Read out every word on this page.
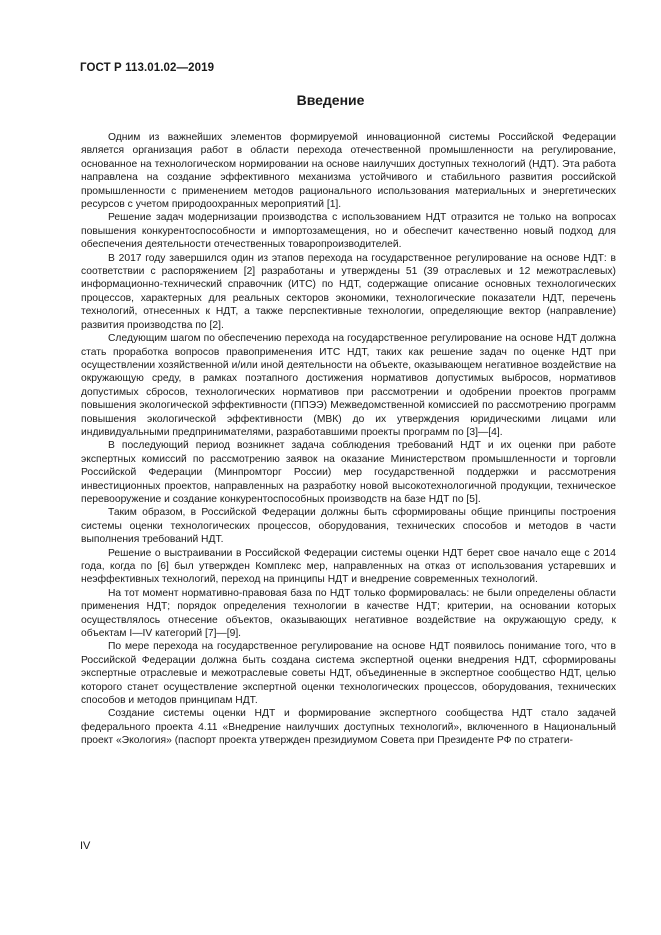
ГОСТ Р 113.01.02—2019
Введение

Одним из важнейших элементов формируемой инновационной системы Российской Федерации является организация работ в области перехода отечественной промышленности на регулирование, основанное на технологическом нормировании на основе наилучших доступных технологий (НДТ). Эта работа направлена на создание эффективного механизма устойчивого и стабильного развития российской промышленности с применением методов рационального использования материальных и энергетических ресурсов с учетом природоохранных мероприятий [1].

Решение задач модернизации производства с использованием НДТ отразится не только на вопросах повышения конкурентоспособности и импортозамещения, но и обеспечит качественно новый подход для обеспечения деятельности отечественных товаропроизводителей.

В 2017 году завершился один из этапов перехода на государственное регулирование на основе НДТ: в соответствии с распоряжением [2] разработаны и утверждены 51 (39 отраслевых и 12 межотраслевых) информационно-технический справочник (ИТС) по НДТ, содержащие описание основных технологических процессов, характерных для реальных секторов экономики, технологические показатели НДТ, перечень технологий, отнесенных к НДТ, а также перспективные технологии, определяющие вектор (направление) развития производства по [2].

Следующим шагом по обеспечению перехода на государственное регулирование на основе НДТ должна стать проработка вопросов правоприменения ИТС НДТ, таких как решение задач по оценке НДТ при осуществлении хозяйственной и/или иной деятельности на объекте, оказывающем негативное воздействие на окружающую среду, в рамках поэтапного достижения нормативов допустимых выбросов, нормативов допустимых сбросов, технологических нормативов при рассмотрении и одобрении проектов программ повышения экологической эффективности (ППЭЭ) Межведомственной комиссией по рассмотрению программ повышения экологической эффективности (МВК) до их утверждения юридическими лицами или индивидуальными предпринимателями, разработавшими проекты программ по [3]—[4].

В последующий период возникнет задача соблюдения требований НДТ и их оценки при работе экспертных комиссий по рассмотрению заявок на оказание Министерством промышленности и торговли Российской Федерации (Минпромторг России) мер государственной поддержки и рассмотрения инвестиционных проектов, направленных на разработку новой высокотехнологичной продукции, техническое перевооружение и создание конкурентоспособных производств на базе НДТ по [5].

Таким образом, в Российской Федерации должны быть сформированы общие принципы построения системы оценки технологических процессов, оборудования, технических способов и методов в части выполнения требований НДТ.

Решение о выстраивании в Российской Федерации системы оценки НДТ берет свое начало еще с 2014 года, когда по [6] был утвержден Комплекс мер, направленных на отказ от использования устаревших и неэффективных технологий, переход на принципы НДТ и внедрение современных технологий.

На тот момент нормативно-правовая база по НДТ только формировалась: не были определены области применения НДТ; порядок определения технологии в качестве НДТ; критерии, на основании которых осуществлялось отнесение объектов, оказывающих негативное воздействие на окружающую среду, к объектам I—IV категорий [7]—[9].

По мере перехода на государственное регулирование на основе НДТ появилось понимание того, что в Российской Федерации должна быть создана система экспертной оценки внедрения НДТ, сформированы экспертные отраслевые и межотраслевые советы НДТ, объединенные в экспертное сообщество НДТ, целью которого станет осуществление экспертной оценки технологических процессов, оборудования, технических способов и методов принципам НДТ.

Создание системы оценки НДТ и формирование экспертного сообщества НДТ стало задачей федерального проекта 4.11 «Внедрение наилучших доступных технологий», включенного в Национальный проект «Экология» (паспорт проекта утвержден президиумом Совета при Президенте РФ по стратеги-

IV
